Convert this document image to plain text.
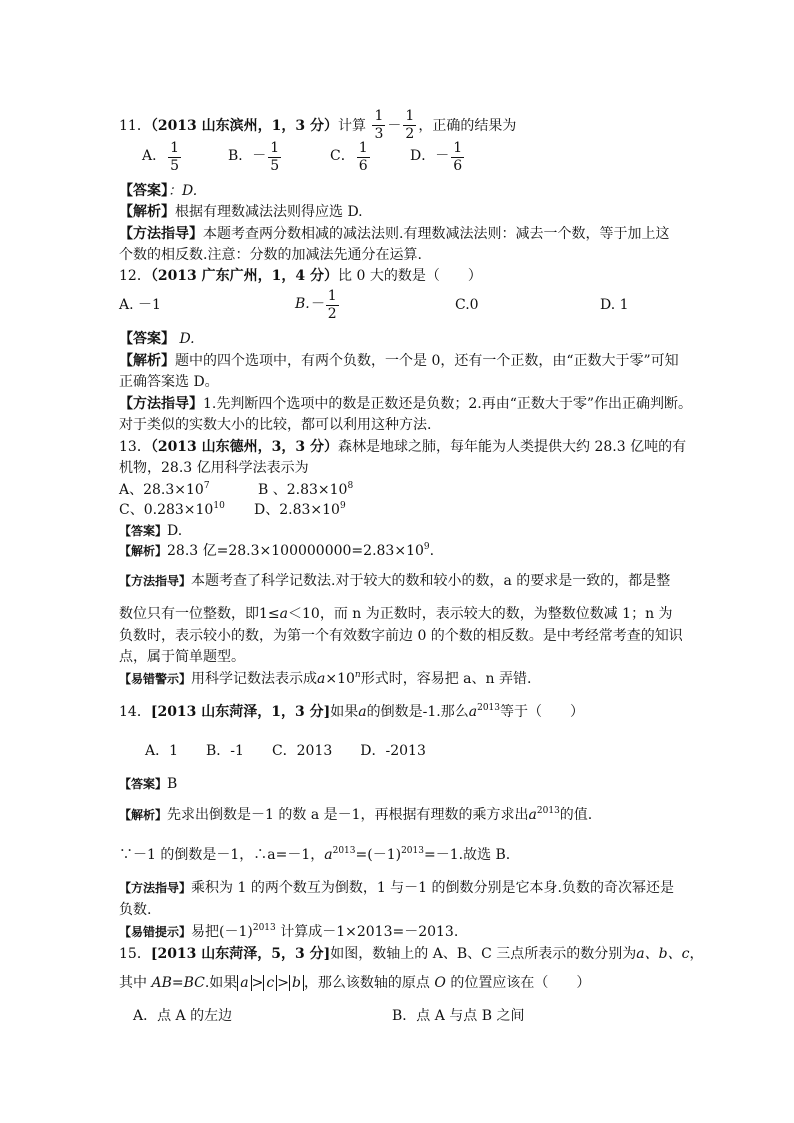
11．（2013 山东滨州，1，3 分）计算 $\frac{1}{3} - \frac{1}{2}$ ，正确的结果为
A． $\frac{1}{5}$	B．－ $\frac{1}{5}$	C． $\frac{1}{6}$	D．－ $\frac{1}{6}$
【答案】：D.
【解析】根据有理数减法法则得应选 D.
【方法指导】本题考查两分数相减的减法法则.有理数减法法则：减去一个数，等于加上这
个数的相反数.注意：分数的加减法先通分在运算.
12．（2013 广东广州，1，4 分）比 0 大的数是（　　）
A. －1	$B.- \frac{1}{2}$	C.0	D. 1
【答案】 D.
【解析】题中的四个选项中，有两个负数，一个是 0，还有一个正数，由“正数大于零”可知
正确答案选 D。
【方法指导】1.先判断四个选项中的数是正数还是负数；2.再由“正数大于零”作出正确判断。
对于类似的实数大小的比较，都可以利用这种方法.
13．（2013 山东德州，3，3 分）森林是地球之肺，每年能为人类提供大约 28.3 亿吨的有
机物，28.3 亿用科学法表示为
A、$28.3\times 10^7$	B 、$2.83\times 10^8$
C、$0.283\times 10^{10}$ D、$2.83\times 10^9$
【答案】D.
【解析】28.3 亿$=28.3\times 100000000=2.83\times 10^9$.
【方法指导】本题考查了科学记数法.对于较大的数和较小的数，a 的要求是一致的，都是整
数位只有一位整数，即1≤a＜10，而 n 为正数时，表示较大的数，为整数位数减 1；n 为
负数时，表示较小的数，为第一个有效数字前边 0 的个数的相反数。是中考经常考查的知识
点，属于简单题型。
【易错警示】用科学记数法表示成$a\times 10^n$形式时，容易把 a、n 弄错.
14．[2013 山东菏泽，1，3 分]如果a的倒数是-1.那么$a^{2013}$等于（　　）
A．1　　B．-1　　C．2013　　D．-2013
【答案】B
【解析】先求出倒数是－1 的数 a 是－1，再根据有理数的乘方求出$a^{2013}$的值.
∵－1 的倒数是－1，∴a=－1，$a^{2013}=(-1)^{2013}=-1$.故选 B.
【方法指导】乘积为 1 的两个数互为倒数，1 与－1 的倒数分别是它本身.负数的奇次幂还是
负数.
【易错提示】易把$(-1)^{2013}$ 计算成－1×2013=－2013.
15．[2013 山东菏泽，5，3 分]如图，数轴上的 A、B、C 三点所表示的数分别为a、b、c，
其中 AB=BC.如果 a > c > b ，那么该数轴的原点 O 的位置应该在（　　）
A．点 A 的左边	B．点 A 与点 B 之间
